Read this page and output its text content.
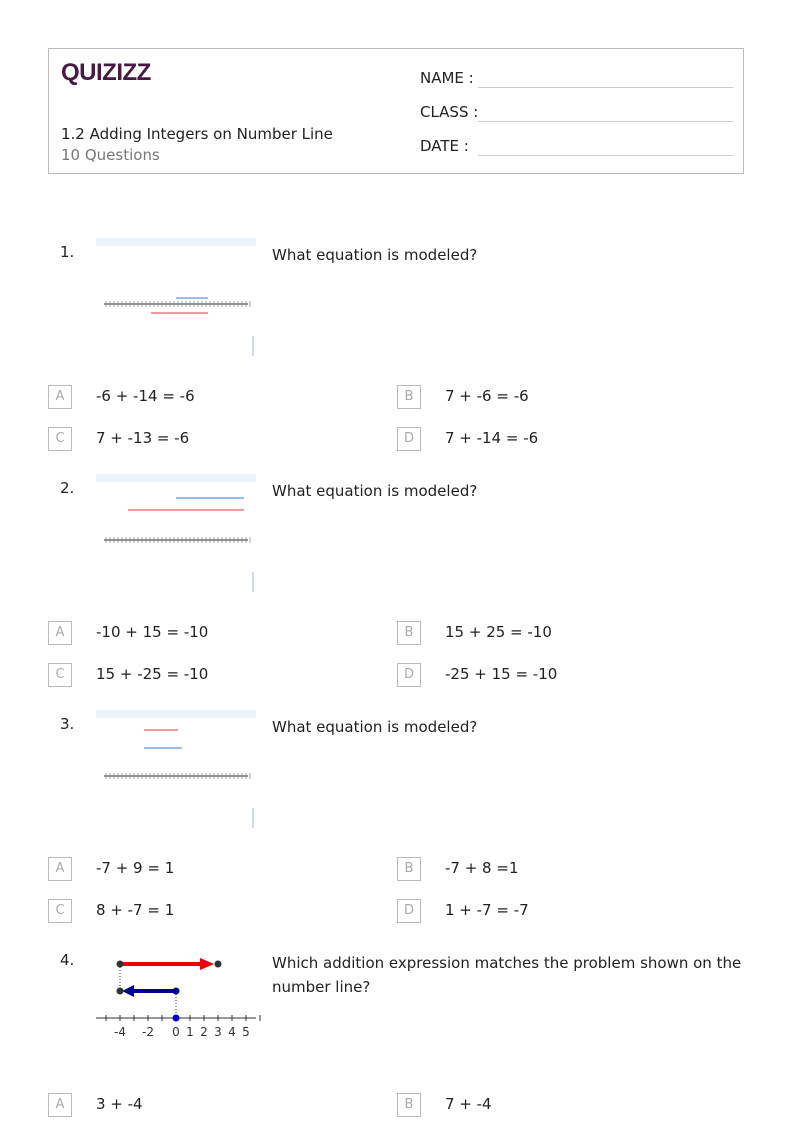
QUIZIZZ
1.2 Adding Integers on Number Line
10 Questions
NAME :
CLASS :
DATE :
1.	What equation is modeled?
A	-6 + -14 = -6	B	7 + -6 = -6
C	7 + -13 = -6	D	7 + -14 = -6
2.	What equation is modeled?
A	-10 + 15 = -10	B	15 + 25 = -10
C	15 + -25 = -10	D	-25 + 15 = -10
3.	What equation is modeled?
A	-7 + 9 = 1	B	-7 + 8 =1
C	8 + -7 = 1	D	1 + -7 = -7
4.
-4 -2 0 1 2 3 4 5
Which addition expression matches the problem shown on the number line?
A	3 + -4	B	7 + -4
